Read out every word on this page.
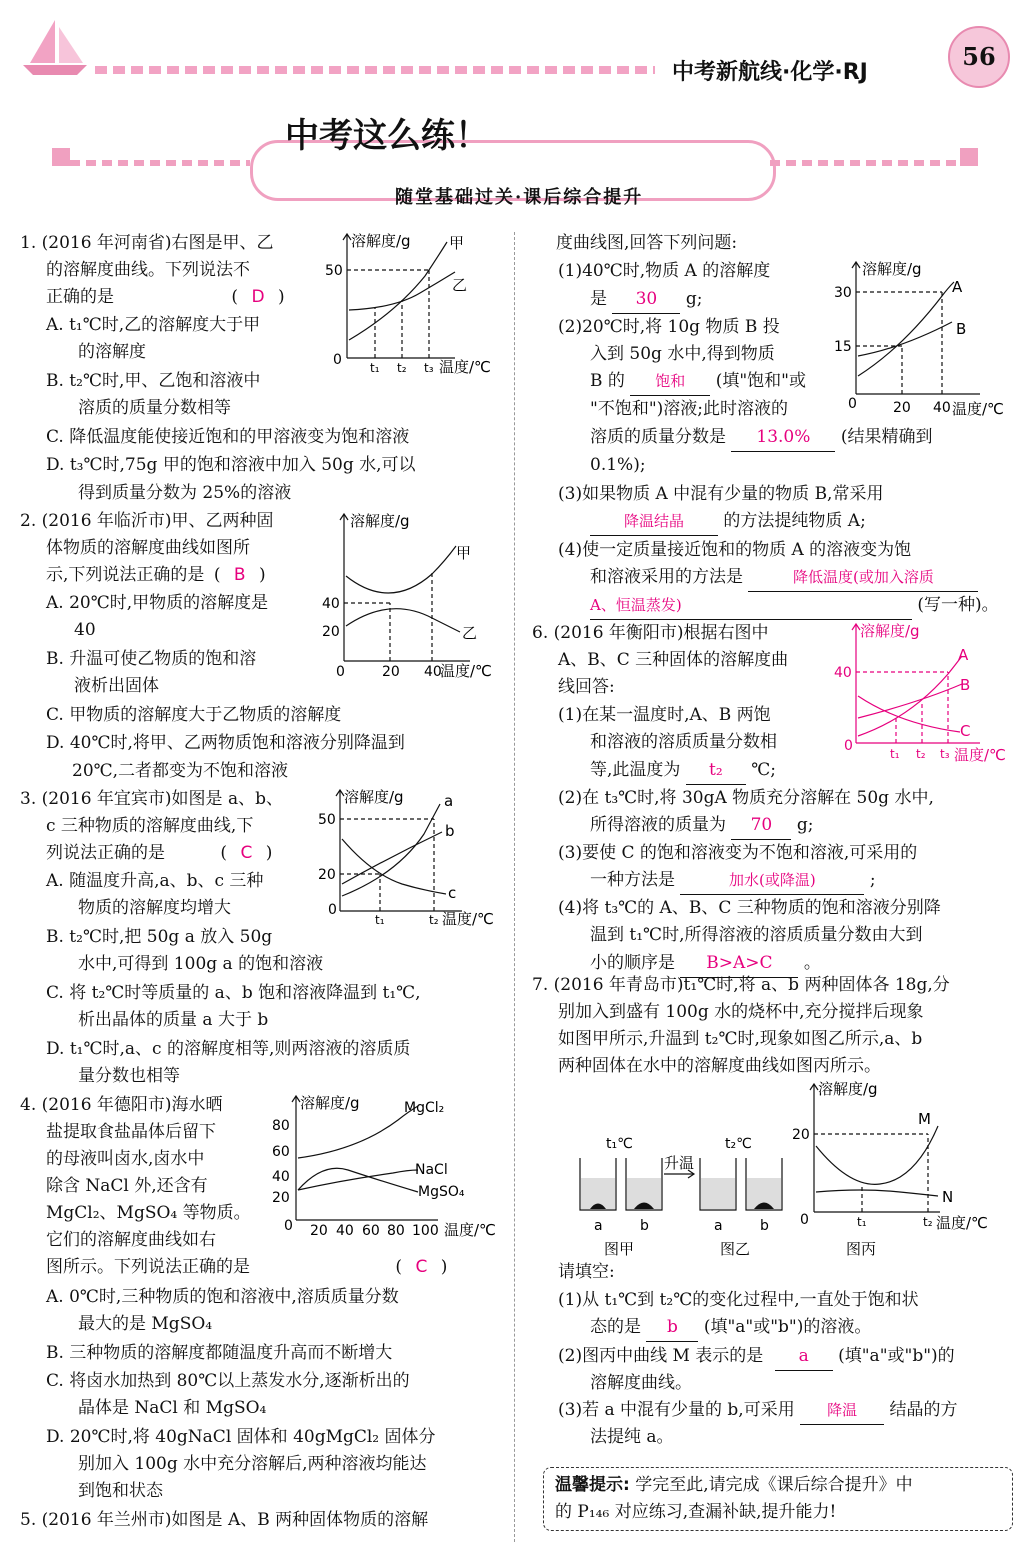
中考新航线·化学·RJ
56
中考这么练！
随堂基础过关·课后综合提升
1. (2016 年河南省)右图是甲、乙
的溶解度曲线。下列说法不
正确的是	( D )
A. t₁℃时,乙的溶解度大于甲
的溶解度
B. t₂℃时,甲、乙饱和溶液中
溶质的质量分数相等
C. 降低温度能使接近饱和的甲溶液变为饱和溶液
D. t₃℃时,75g 甲的饱和溶液中加入 50g 水,可以
得到质量分数为 25%的溶液
溶解度/g	甲
乙
50
0 t₁ t₂ t₃ 温度/℃
2. (2016 年临沂市)甲、乙两种固
体物质的溶解度曲线如图所
示,下列说法正确的是 ( B )
A. 20℃时,甲物质的溶解度是
40
B. 升温可使乙物质的饱和溶
液析出固体
C. 甲物质的溶解度大于乙物质的溶解度
D. 40℃时,将甲、乙两物质饱和溶液分别降温到
20℃,二者都变为不饱和溶液
溶解度/g
甲
乙
40
20
0	20 40
温度/℃
3. (2016 年宜宾市)如图是 a、b、
c 三种物质的溶解度曲线,下
列说法正确的是	( C )
A. 随温度升高,a、b、c 三种
物质的溶解度均增大
B. t₂℃时,把 50g a 放入 50g
水中,可得到 100g a 的饱和溶液
C. 将 t₂℃时等质量的 a、b 饱和溶液降温到 t₁℃,
析出晶体的质量 a 大于 b
D. t₁℃时,a、c 的溶解度相等,则两溶液的溶质质
量分数也相等
溶解度/g	a
b
c
50
20
0
t₁	t₂ 温度/℃
4. (2016 年德阳市)海水晒
盐提取食盐晶体后留下
的母液叫卤水,卤水中
除含 NaCl 外,还含有
MgCl₂、MgSO₄ 等物质。
它们的溶解度曲线如右
图所示。下列说法正确的是	( C )
A. 0℃时,三种物质的饱和溶液中,溶质质量分数
最大的是 MgSO₄
B. 三种物质的溶解度都随温度升高而不断增大
C. 将卤水加热到 80℃以上蒸发水分,逐渐析出的
晶体是 NaCl 和 MgSO₄
D. 20℃时,将 40gNaCl 固体和 40gMgCl₂ 固体分
别加入 100g 水中充分溶解后,两种溶液均能达
到饱和状态
溶解度/g	MgCl₂
NaCl
MgSO₄
80
60
40
20
0 20 40 60 80 100 温度/℃
5. (2016 年兰州市)如图是 A、B 两种固体物质的溶解
度曲线图,回答下列问题:
(1)40℃时,物质 A 的溶解度
是 30 g;
(2)20℃时,将 10g 物质 B 投
入到 50g 水中,得到物质
B 的 饱和 (填"饱和"或
"不饱和")溶液;此时溶液的
溶质的质量分数是 13.0% (结果精确到
0.1%);
(3)如果物质 A 中混有少量的物质 B,常采用
降温结晶 的方法提纯物质 A;
(4)使一定质量接近饱和的物质 A 的溶液变为饱
和溶液采用的方法是	降低温度(或加入溶质
A、恒温蒸发)	(写一种)。
溶解度/g
A
B
30
15
0	20 40 温度/℃
6. (2016 年衡阳市)根据右图中
A、B、C 三种固体的溶解度曲
线回答:
(1)在某一温度时,A、B 两饱
和溶液的溶质质量分数相
等,此温度为 t₂ ℃;
(2)在 t₃℃时,将 30gA 物质充分溶解在 50g 水中,
所得溶液的质量为 70 g;
(3)要使 C 的饱和溶液变为不饱和溶液,可采用的
一种方法是	加水(或降温)	;
(4)将 t₃℃的 A、B、C 三种物质的饱和溶液分别降
温到 t₁℃时,所得溶液的溶质质量分数由大到
小的顺序是 B>A>C 。
溶解度/g
A
B
C
40
0	t₁ t₂ t₃ 温度/℃
7. (2016 年青岛市)t₁℃时,将 a、b 两种固体各 18g,分
别加入到盛有 100g 水的烧杯中,充分搅拌后现象
如图甲所示,升温到 t₂℃时,现象如图乙所示,a、b
两种固体在水中的溶解度曲线如图丙所示。
t₁℃	t₂℃
升温
a	b	a	b
图甲	图乙
溶解度/g
M
N
20
0	t₁	t₂ 温度/℃
图丙
请填空:
(1)从 t₁℃到 t₂℃的变化过程中,一直处于饱和状
态的是 b (填"a"或"b")的溶液。
(2)图丙中曲线 M 表示的是 a (填"a"或"b")的
溶解度曲线。
(3)若 a 中混有少量的 b,可采用 降温 结晶的方
法提纯 a。
温馨提示: 学完至此,请完成《课后综合提升》中
的 P₁₄₆ 对应练习,查漏补缺,提升能力!
